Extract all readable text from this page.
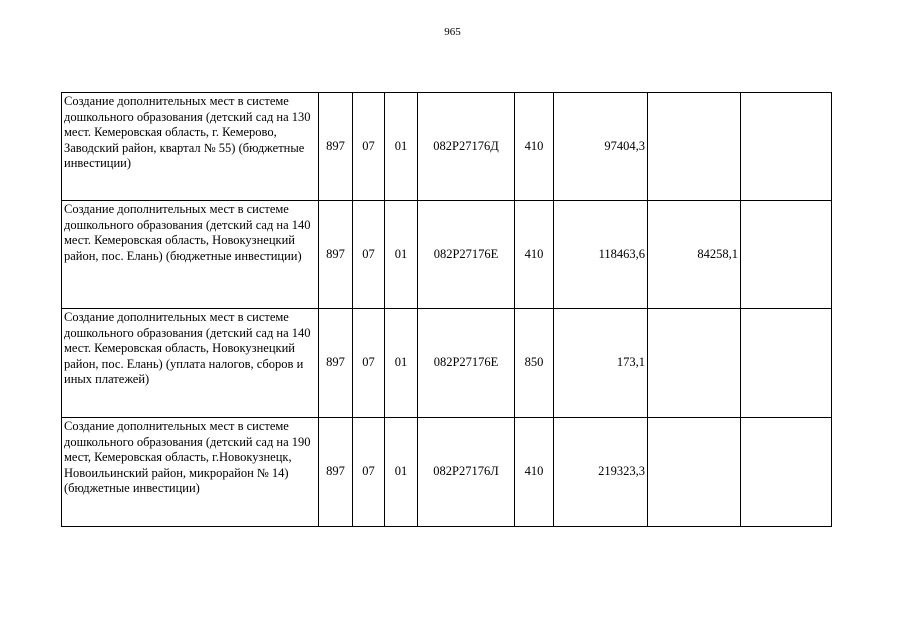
965
Создание дополнительных мест в системе дошкольного образования (детский сад на 130 мест. Кемеровская область, г. Кемерово, Заводский район, квартал № 55) (бюджетные инвестиции)	897	07	01	082P27176Д	410	97404,3		
Создание дополнительных мест в системе дошкольного образования (детский сад на 140 мест. Кемеровская область, Новокузнецкий район, пос. Елань) (бюджетные инвестиции)	897	07	01	082P27176Е	410	118463,6	84258,1	
Создание дополнительных мест в системе дошкольного образования (детский сад на 140 мест. Кемеровская область, Новокузнецкий район, пос. Елань) (уплата налогов, сборов и иных платежей)	897	07	01	082P27176Е	850	173,1		
Создание дополнительных мест в системе дошкольного образования (детский сад на 190 мест, Кемеровская область, г.Новокузнецк, Новоильинский район, микрорайон № 14) (бюджетные инвестиции)	897	07	01	082P27176Л	410	219323,3		
